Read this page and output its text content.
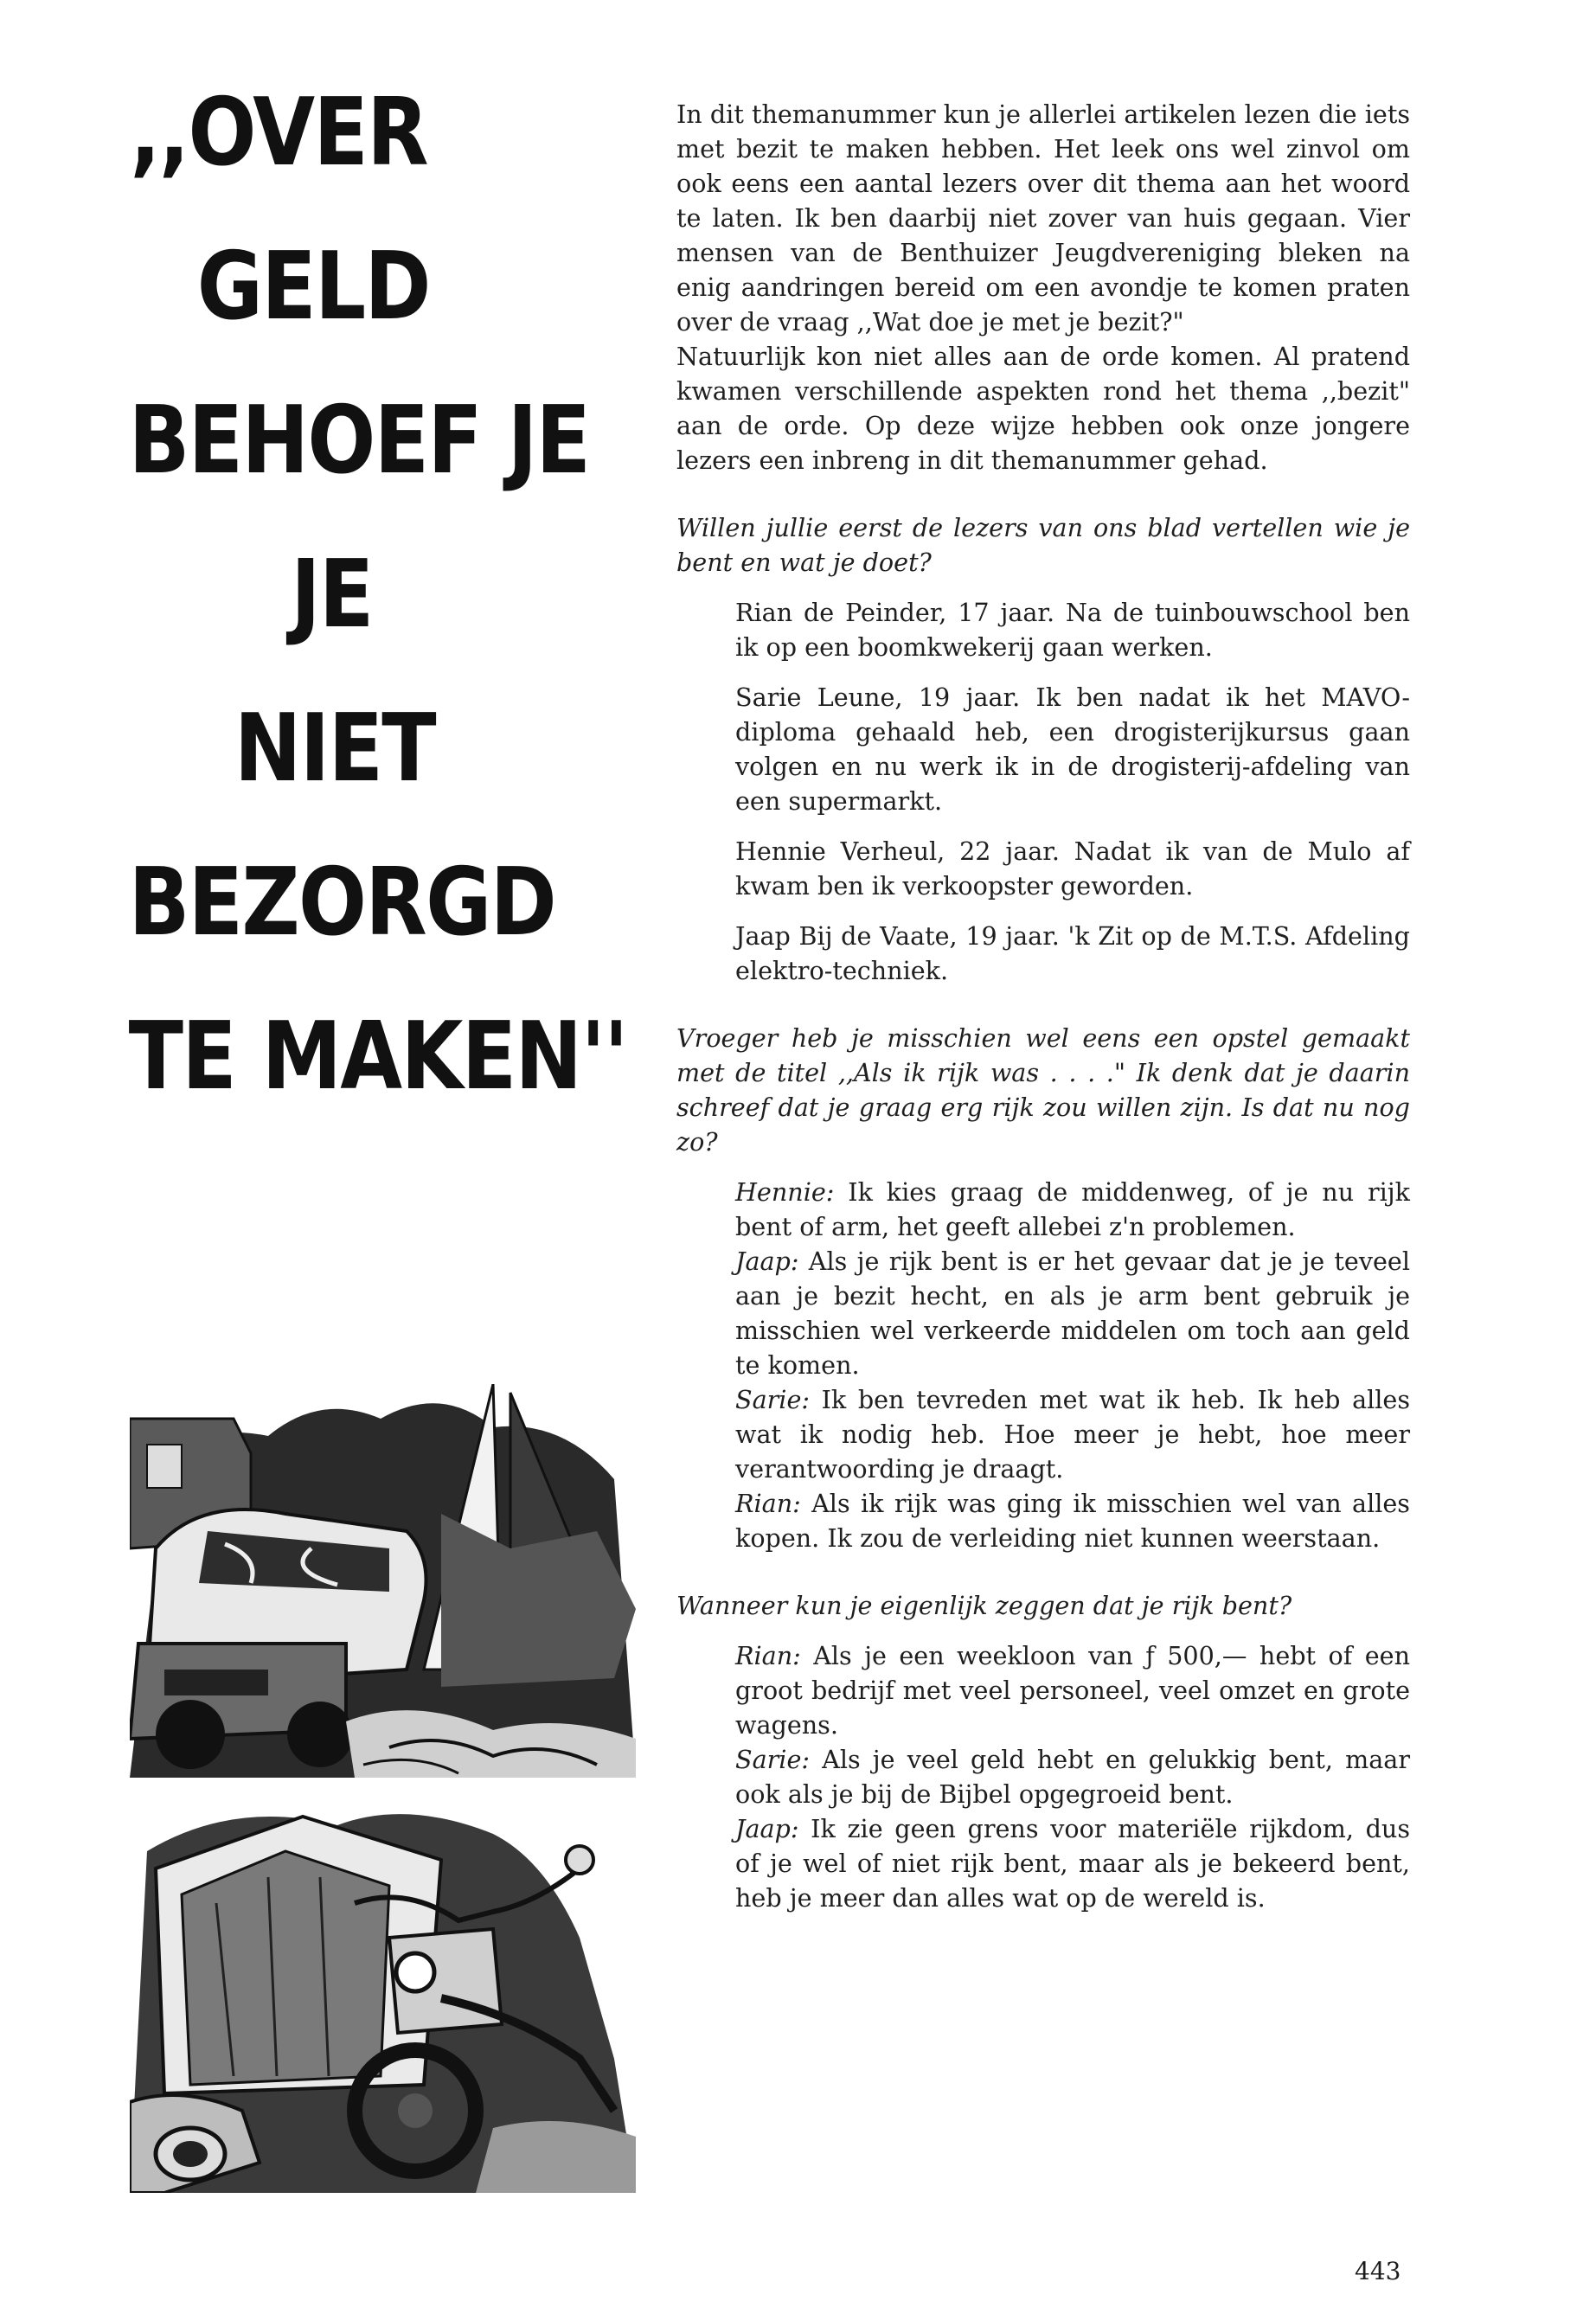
,,OVER
GELD
BEHOEF JE
JE
NIET
BEZORGD
TE MAKEN''

In dit themanummer kun je allerlei artikelen lezen die iets met bezit te maken hebben. Het leek ons wel zinvol om ook eens een aantal lezers over dit thema aan het woord te laten. Ik ben daarbij niet zover van huis gegaan. Vier mensen van de Benthuizer Jeugdvereniging bleken na enig aandringen bereid om een avondje te komen praten over de vraag ,,Wat doe je met je bezit?"

Natuurlijk kon niet alles aan de orde komen. Al pratend kwamen verschillende aspekten rond het thema ,,bezit" aan de orde. Op deze wijze hebben ook onze jongere lezers een inbreng in dit themanummer gehad.

Willen jullie eerst de lezers van ons blad vertellen wie je bent en wat je doet?

Rian de Peinder, 17 jaar. Na de tuinbouwschool ben ik op een boomkwekerij gaan werken.

Sarie Leune, 19 jaar. Ik ben nadat ik het MAVO-diploma gehaald heb, een drogisterijkursus gaan volgen en nu werk ik in de drogisterij-afdeling van een supermarkt.

Hennie Verheul, 22 jaar. Nadat ik van de Mulo af kwam ben ik verkoopster geworden.

Jaap Bij de Vaate, 19 jaar. 'k Zit op de M.T.S. Afdeling elektro-techniek.

Vroeger heb je misschien wel eens een opstel gemaakt met de titel ,,Als ik rijk was . . . ." Ik denk dat je daarin schreef dat je graag erg rijk zou willen zijn. Is dat nu nog zo?

Hennie: Ik kies graag de middenweg, of je nu rijk bent of arm, het geeft allebei z'n problemen.
Jaap: Als je rijk bent is er het gevaar dat je je teveel aan je bezit hecht, en als je arm bent gebruik je misschien wel verkeerde middelen om toch aan geld te komen.
Sarie: Ik ben tevreden met wat ik heb. Ik heb alles wat ik nodig heb. Hoe meer je hebt, hoe meer verantwoording je draagt.
Rian: Als ik rijk was ging ik misschien wel van alles kopen. Ik zou de verleiding niet kunnen weerstaan.

Wanneer kun je eigenlijk zeggen dat je rijk bent?

Rian: Als je een weekloon van ƒ 500,— hebt of een groot bedrijf met veel personeel, veel omzet en grote wagens.
Sarie: Als je veel geld hebt en gelukkig bent, maar ook als je bij de Bijbel opgegroeid bent.
Jaap: Ik zie geen grens voor materiële rijkdom, dus of je wel of niet rijk bent, maar als je bekeerd bent, heb je meer dan alles wat op de wereld is.

443
